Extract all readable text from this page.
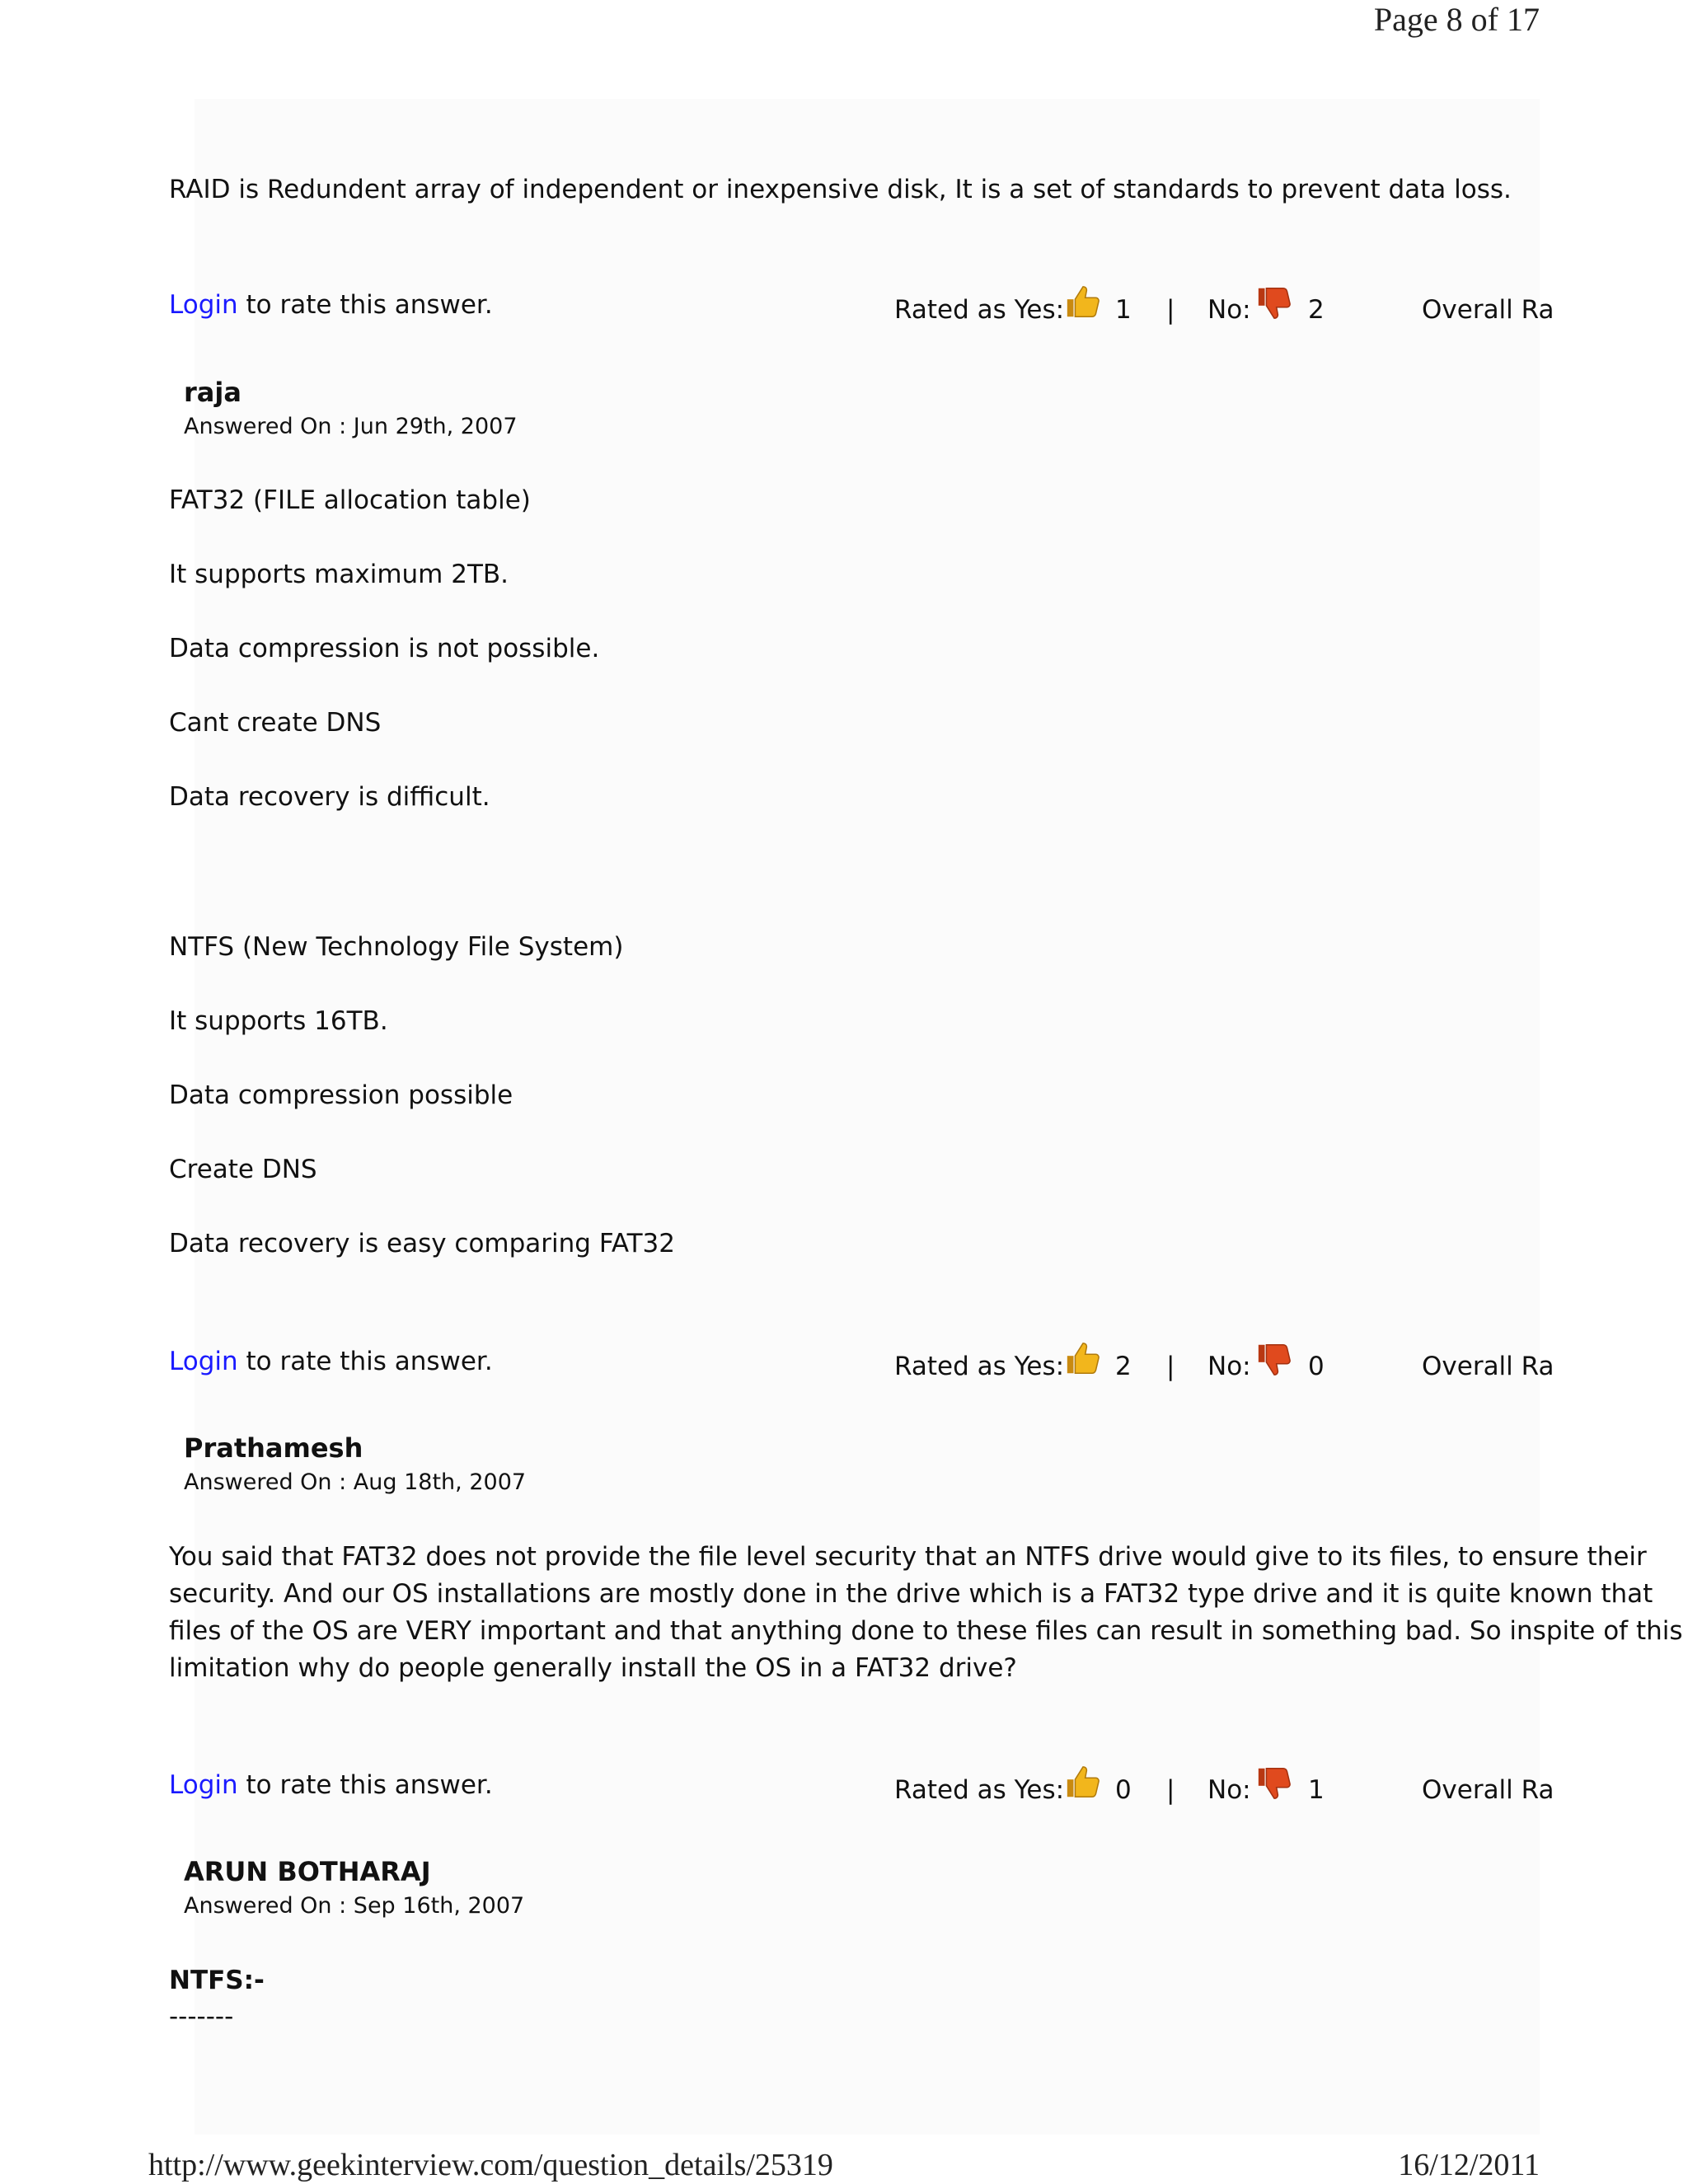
Page 8 of 17
RAID is Redundent array of independent or inexpensive disk, It is a set of standards to prevent data loss.
Login to rate this answer.	Rated as Yes: 1 | No: 2	Overall Ra
raja
Answered On : Jun 29th, 2007
FAT32 (FILE allocation table)
It supports maximum 2TB.
Data compression is not possible.
Cant create DNS
Data recovery is difficult.
NTFS (New Technology File System)
It supports 16TB.
Data compression possible
Create DNS
Data recovery is easy comparing FAT32
Login to rate this answer.	Rated as Yes: 2 | No: 0	Overall Ra
Prathamesh
Answered On : Aug 18th, 2007

You said that FAT32 does not provide the file level security that an NTFS drive would give to its files, to ensure their

security. And our OS installations are mostly done in the drive which is a FAT32 type drive and it is quite known that

files of the OS are VERY important and that anything done to these files can result in something bad. So inspite of this

limitation why do people generally install the OS in a FAT32 drive?

Login to rate this answer.	Rated as Yes: 0 | No: 1	Overall Ra
ARUN BOTHARAJ
Answered On : Sep 16th, 2007
NTFS:-
-------
http://www.geekinterview.com/question_details/25319	16/12/2011
